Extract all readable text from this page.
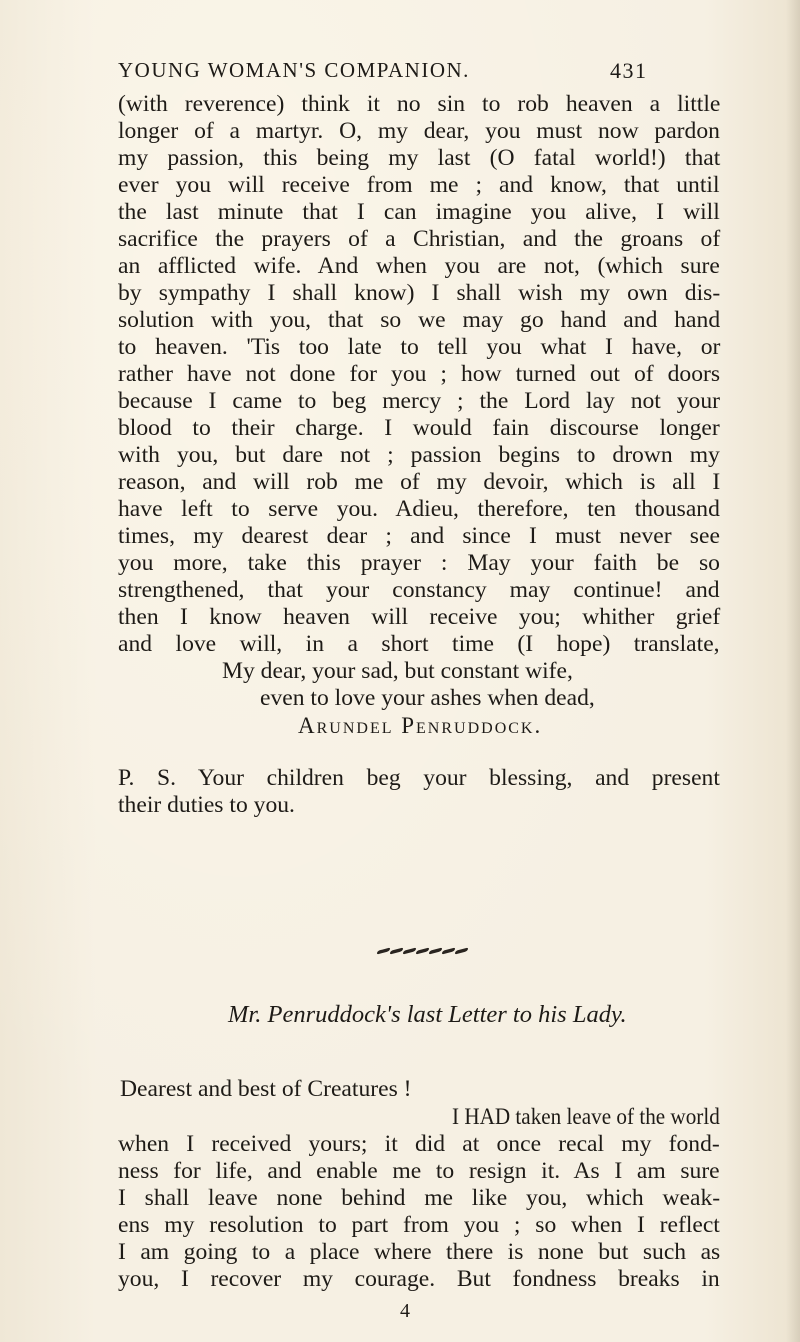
YOUNG WOMAN'S COMPANION.	431
(with reverence) think it no sin to rob heaven a little
longer of a martyr. O, my dear, you must now pardon
my passion, this being my last (O fatal world!) that
ever you will receive from me ; and know, that until
the last minute that I can imagine you alive, I will
sacrifice the prayers of a Christian, and the groans of
an afflicted wife. And when you are not, (which sure
by sympathy I shall know) I shall wish my own dis-
solution with you, that so we may go hand and hand
to heaven. 'Tis too late to tell you what I have, or
rather have not done for you ; how turned out of doors
because I came to beg mercy ; the Lord lay not your
blood to their charge. I would fain discourse longer
with you, but dare not ; passion begins to drown my
reason, and will rob me of my devoir, which is all I
have left to serve you. Adieu, therefore, ten thousand
times, my dearest dear ; and since I must never see
you more, take this prayer : May your faith be so
strengthened, that your constancy may continue! and
then I know heaven will receive you; whither grief
and love will, in a short time (I hope) translate,
My dear, your sad, but constant wife,
even to love your ashes when dead,
Arundel Penruddock.
P. S. Your children beg your blessing, and present
their duties to you.
Mr. Penruddock's last Letter to his Lady.
Dearest and best of Creatures !
I HAD taken leave of the world
when I received yours; it did at once recal my fond-
ness for life, and enable me to resign it. As I am sure
I shall leave none behind me like you, which weak-
ens my resolution to part from you ; so when I reflect
I am going to a place where there is none but such as
you, I recover my courage. But fondness breaks in
4
